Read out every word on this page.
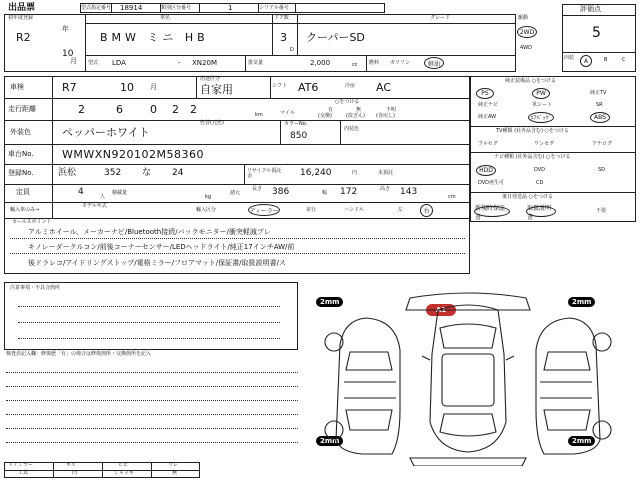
出品票	型式指定番号 18914	類別区分番号	1	シリアル番号
初年度登録
R2
年
10
月
車名
BMW ミニ HB
ドア数
3
D
グレード
クーパーSD
駆動
2WD
4WD
型式 LDA	- XN20M	排気量	2,000	cc 燃料 ガソリン	軽油
評価点
5
内装 A	B	C
車検	R7	10 月
用途区分
自家用	シフト AT6	冷房 AC
走行距離	2	6 0 2 2	km
○をつける
マイル	有	無	不明
(交換)	(改ざん) (巻戻し)
外装色	ペッパーホワイト
色替(元色)	カラーNo.
850
内装色
車台No.	WMWXN920102M58360
登録No.	浜松	352 な 24	リサイクル預託金	16,240	円	未預託
定員	4	人
積載量
kg
諸元
長さ 386	幅 172	高さ 143	cm
輸入車のみ→
モデル年式
輸入区分	ディーラー	並行	ハンドル	左	右
セールスポイント
アルミホイール、メーカーナビ/Bluetooth接続/バックモニター/衝突軽減ブレ
キノレーダークルコン/前後コーナーセンサー/LEDヘッドライト/純正17インチAW/前
後ドラレコ/アイドリングストップ/電格ミラー/フロアマット/保証書/取扱説明書/ス
純正装備品 ○をつける
PS	PW	純正TV
純正ナビ	革シート	SR
純正AW	ｴｱﾊﾞｯｸﾞ	ABS
TV種類 (社外品含む) ○をつける
フルセグ	ワンセグ	アナログ
ナビ種類 (社外品含む) ○をつける
HDD	DVD	SD
DVD再生可	CD
後日発送品 ○をつける
新規時保証書
取扱説明書
不要
注意事項・不具合箇所
検査員記入欄：修復歴「有」の場合は修復箇所・交換箇所を記入
ドアミラー	キズ	ヒビ	ワレ
工具	凹	ジャッキ	無
2mm	2mm
2mm	2mm
A1
